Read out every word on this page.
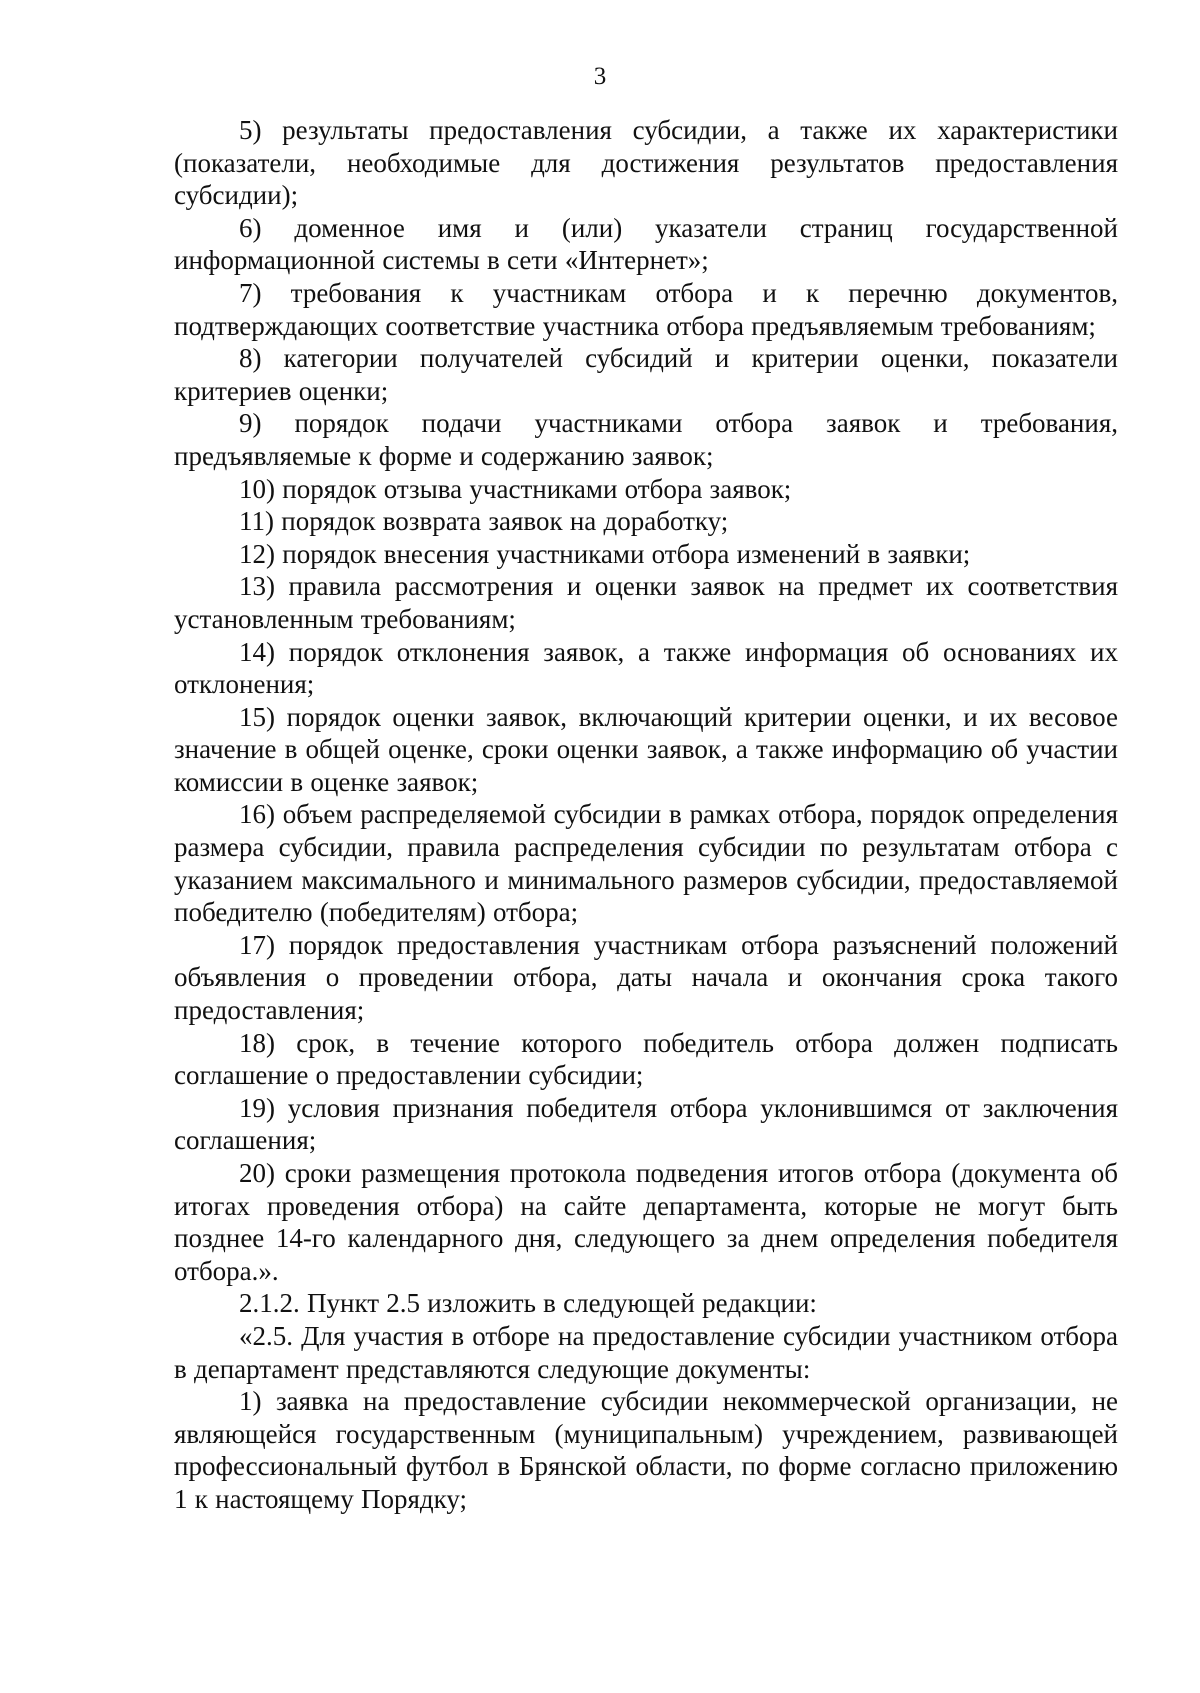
3

5) результаты предоставления субсидии, а также их характеристики (показатели, необходимые для достижения результатов предоставления субсидии);

6) доменное имя и (или) указатели страниц государственной информационной системы в сети «Интернет»;

7) требования к участникам отбора и к перечню документов, подтверждающих соответствие участника отбора предъявляемым требованиям;

8) категории получателей субсидий и критерии оценки, показатели критериев оценки;

9) порядок подачи участниками отбора заявок и требования, предъявляемые к форме и содержанию заявок;

10) порядок отзыва участниками отбора заявок;

11) порядок возврата заявок на доработку;

12) порядок внесения участниками отбора изменений в заявки;

13) правила рассмотрения и оценки заявок на предмет их соответствия установленным требованиям;

14) порядок отклонения заявок, а также информация об основаниях их отклонения;

15) порядок оценки заявок, включающий критерии оценки, и их весовое значение в общей оценке, сроки оценки заявок, а также информацию об участии комиссии в оценке заявок;

16) объем распределяемой субсидии в рамках отбора, порядок определения размера субсидии, правила распределения субсидии по результатам отбора с указанием максимального и минимального размеров субсидии, предоставляемой победителю (победителям) отбора;

17) порядок предоставления участникам отбора разъяснений положений объявления о проведении отбора, даты начала и окончания срока такого предоставления;

18) срок, в течение которого победитель отбора должен подписать соглашение о предоставлении субсидии;

19) условия признания победителя отбора уклонившимся от заключения соглашения;

20) сроки размещения протокола подведения итогов отбора (документа об итогах проведения отбора) на сайте департамента, которые не могут быть позднее 14-го календарного дня, следующего за днем определения победителя отбора.».

2.1.2. Пункт 2.5 изложить в следующей редакции:

«2.5. Для участия в отборе на предоставление субсидии участником отбора в департамент представляются следующие документы:

1) заявка на предоставление субсидии некоммерческой организации, не являющейся государственным (муниципальным) учреждением, развивающей профессиональный футбол в Брянской области, по форме согласно приложению 1 к настоящему Порядку;
